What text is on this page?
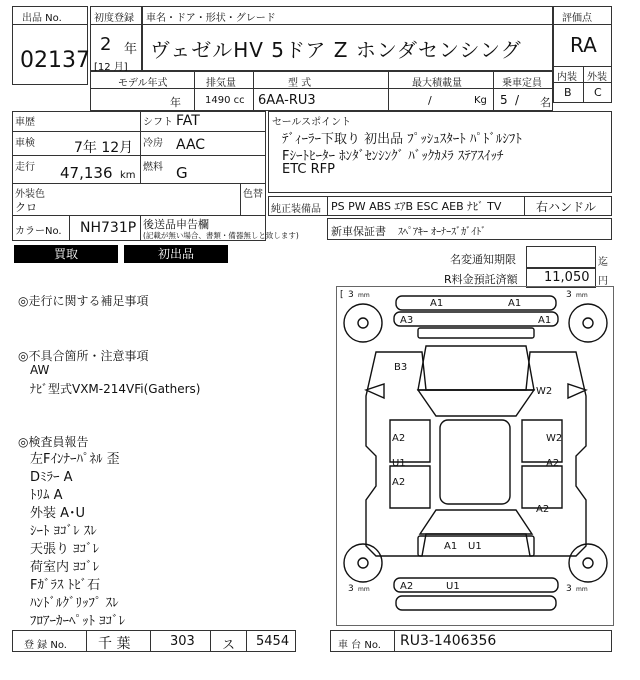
出品 No.
02137
初度登録
2 年
[12 月]
車名・ドア・形状・グレード
ヴェゼルHV 5ドア Z ホンダセンシング
評価点
RA
内装 外装
B C
モデル年式
年
排気量
1490 cc
型 式
6AA-RU3
最大積載量
/	Kg
乗車定員
5 / 名
車歴	シフト FAT
車検	7年 12月 冷房 AAC
走行 47,136 km
燃料 G
外装色
クロ
色替
カラーNo. NH731P 後送品申告欄
(記載が無い場合、書類・備器無しと致します)
セールスポイント
ﾃﾞｨｰﾗｰ下取り 初出品 ﾌﾟｯｼｭｽﾀｰﾄ ﾊﾟﾄﾞﾙｼﾌﾄ
Fｼｰﾄﾋｰﾀｰ ﾎﾝﾀﾞｾﾝｼﾝｸﾞ ﾊﾞｯｸｶﾒﾗ ｽﾃｱｽｲｯﾁ
ETC RFP
純正装備品 PS PW ABS ｴｱB ESC AEB ﾅﾋﾞ TV	右ハンドル
新車保証書 ｽﾍﾟｱｷｰ ｵｰﾅｰｽﾞｶﾞｲﾄﾞ
買取	初出品	名変通知期限	迄
R料金預託済額 11,050 円
◎走行に関する補足事項
◎不具合箇所・注意事項
AW
ﾅﾋﾞ型式VXM-214VFi(Gathers)
◎検査員報告
左Fｲﾝﾅｰﾊﾟﾈﾙ 歪
Dﾐﾗｰ A
ﾄﾘﾑ A
外装 A･U
ｼｰﾄ ﾖｺﾞﾚ ｽﾚ
天張り ﾖｺﾞﾚ
荷室内 ﾖｺﾞﾚ
Fｶﾞﾗｽ ﾄﾋﾞ石
ﾊﾝﾄﾞﾙｸﾞﾘｯﾌﾟ ｽﾚ
ﾌﾛｱｰｶｰﾍﾟｯﾄ ﾖｺﾞﾚ
[ 3 mm	3 mm
3 mm	3 mm
A1	A1
A3	A1
B3
W2
A2	W2
U1	A2
A2
A2
A1 U1
A2	U1
登 録 No. 千 葉	303 ス 5454	車 台 No. RU3-1406356
